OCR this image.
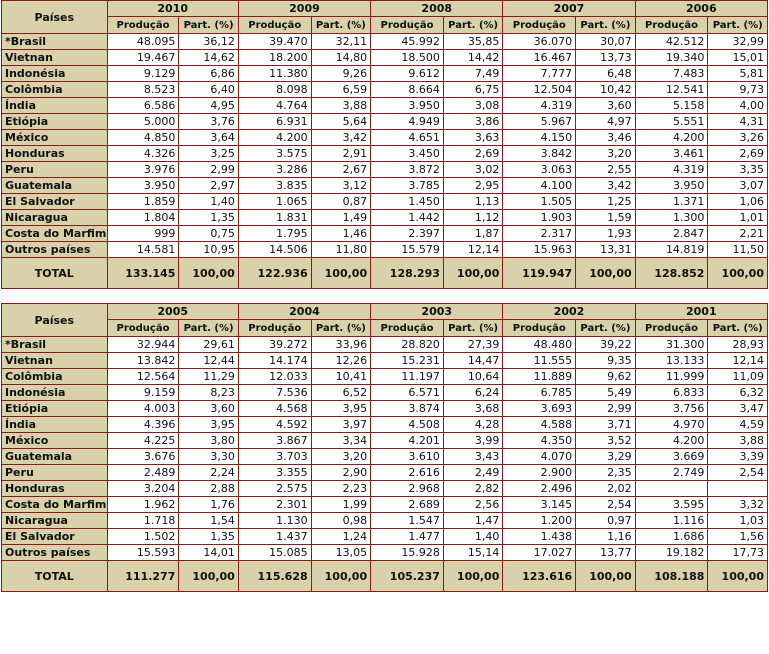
Países	2010		2009		2008		2007		2006	
	Produção	Part. (%)	Produção	Part. (%)	Produção	Part. (%)	Produção	Part. (%)	Produção	Part. (%)
*Brasil	48.095	36,12	39.470	32,11	45.992	35,85	36.070	30,07	42.512	32,99
Vietnan	19.467	14,62	18.200	14,80	18.500	14,42	16.467	13,73	19.340	15,01
Indonésia	9.129	6,86	11.380	9,26	9.612	7,49	7.777	6,48	7.483	5,81
Colômbia	8.523	6,40	8.098	6,59	8.664	6,75	12.504	10,42	12.541	9,73
Índia	6.586	4,95	4.764	3,88	3.950	3,08	4.319	3,60	5.158	4,00
Etiópia	5.000	3,76	6.931	5,64	4.949	3,86	5.967	4,97	5.551	4,31
México	4.850	3,64	4.200	3,42	4.651	3,63	4.150	3,46	4.200	3,26
Honduras	4.326	3,25	3.575	2,91	3.450	2,69	3.842	3,20	3.461	2,69
Peru	3.976	2,99	3.286	2,67	3.872	3,02	3.063	2,55	4.319	3,35
Guatemala	3.950	2,97	3.835	3,12	3.785	2,95	4.100	3,42	3.950	3,07
El Salvador	1.859	1,40	1.065	0,87	1.450	1,13	1.505	1,25	1.371	1,06
Nicaragua	1.804	1,35	1.831	1,49	1.442	1,12	1.903	1,59	1.300	1,01
Costa do Marfim	999	0,75	1.795	1,46	2.397	1,87	2.317	1,93	2.847	2,21
Outros países	14.581	10,95	14.506	11,80	15.579	12,14	15.963	13,31	14.819	11,50
TOTAL	133.145	100,00	122.936	100,00	128.293	100,00	119.947	100,00	128.852	100,00
Países	2005		2004		2003		2002		2001	
	Produção	Part. (%)	Produção	Part. (%)	Produção	Part. (%)	Produção	Part. (%)	Produção	Part. (%)
*Brasil	32.944	29,61	39.272	33,96	28.820	27,39	48.480	39,22	31.300	28,93
Vietnan	13.842	12,44	14.174	12,26	15.231	14,47	11.555	9,35	13.133	12,14
Colômbia	12.564	11,29	12.033	10,41	11.197	10,64	11.889	9,62	11.999	11,09
Indonésia	9.159	8,23	7.536	6,52	6.571	6,24	6.785	5,49	6.833	6,32
Etiópia	4.003	3,60	4.568	3,95	3.874	3,68	3.693	2,99	3.756	3,47
Índia	4.396	3,95	4.592	3,97	4.508	4,28	4.588	3,71	4.970	4,59
México	4.225	3,80	3.867	3,34	4.201	3,99	4.350	3,52	4.200	3,88
Guatemala	3.676	3,30	3.703	3,20	3.610	3,43	4.070	3,29	3.669	3,39
Peru	2.489	2,24	3.355	2,90	2.616	2,49	2.900	2,35	2.749	2,54
Honduras	3.204	2,88	2.575	2,23	2.968	2,82	2.496	2,02		
Costa do Marfim	1.962	1,76	2.301	1,99	2.689	2,56	3.145	2,54	3.595	3,32
Nicaragua	1.718	1,54	1.130	0,98	1.547	1,47	1.200	0,97	1.116	1,03
El Salvador	1.502	1,35	1.437	1,24	1.477	1,40	1.438	1,16	1.686	1,56
Outros países	15.593	14,01	15.085	13,05	15.928	15,14	17.027	13,77	19.182	17,73
TOTAL	111.277	100,00	115.628	100,00	105.237	100,00	123.616	100,00	108.188	100,00
